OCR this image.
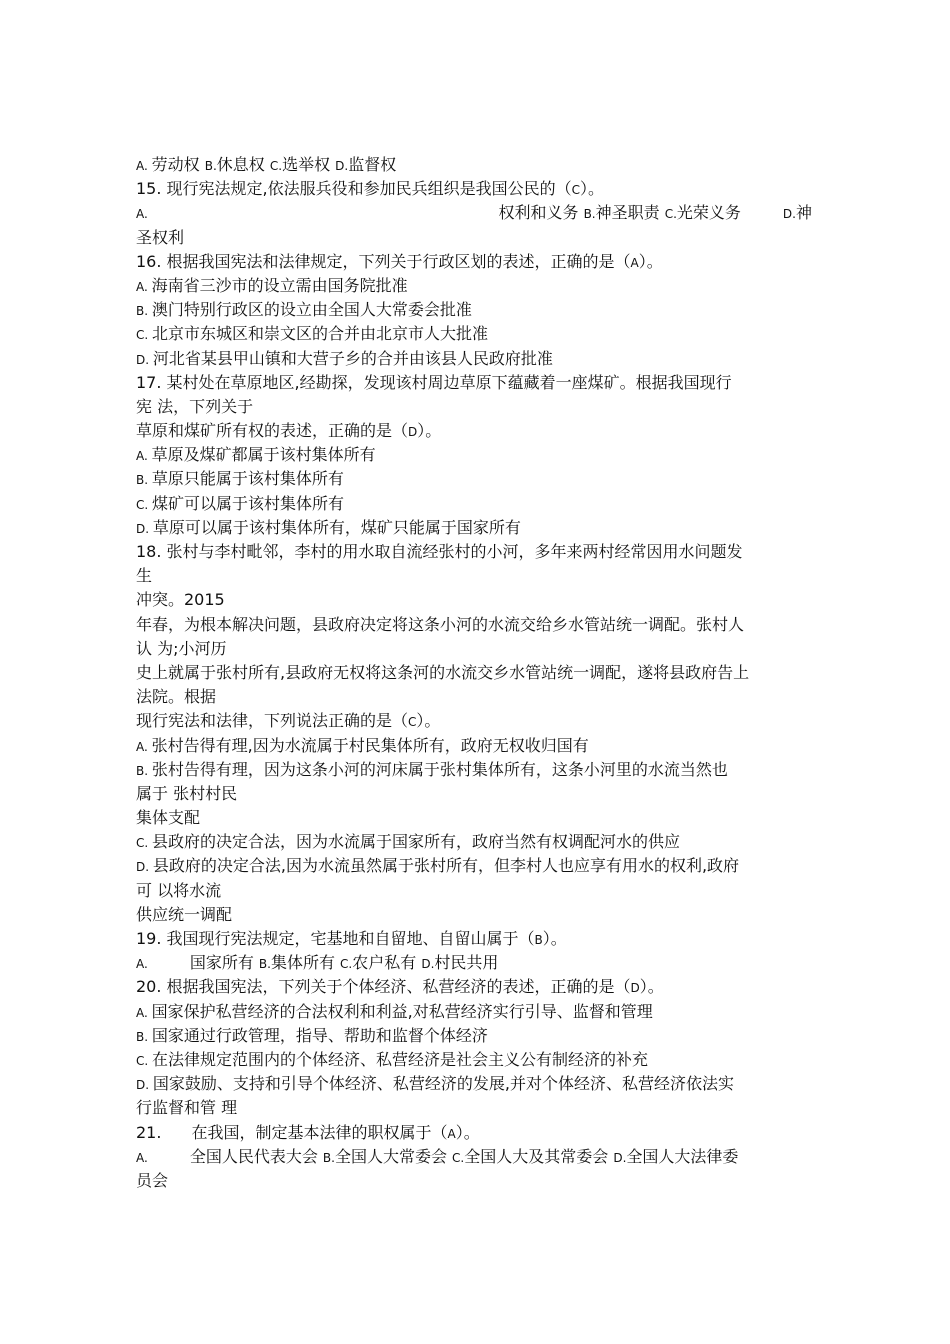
A. 劳动权 B.休息权 C.选举权 D.监督权
15. 现行宪法规定,依法服兵役和参加民兵组织是我国公民的（C）。
A.	权利和义务 B.神圣职责 C.光荣义务	D.神
圣权利
16. 根据我国宪法和法律规定，下列关于行政区划的表述，正确的是（A）。
A. 海南省三沙市的设立需由国务院批准
B. 澳门特别行政区的设立由全国人大常委会批准
C. 北京市东城区和崇文区的合并由北京市人大批准
D. 河北省某县甲山镇和大营子乡的合并由该县人民政府批准
17. 某村处在草原地区,经勘探，发现该村周边草原下蕴藏着一座煤矿。根据我国现行
宪 法，下列关于
草原和煤矿所有权的表述，正确的是（D）。
A. 草原及煤矿都属于该村集体所有
B. 草原只能属于该村集体所有
C. 煤矿可以属于该村集体所有
D. 草原可以属于该村集体所有，煤矿只能属于国家所有
18. 张村与李村毗邻，李村的用水取自流经张村的小河，多年来两村经常因用水问题发
生
冲突。2015
年春，为根本解决问题，县政府决定将这条小河的水流交给乡水管站统一调配。张村人
认 为;小河历
史上就属于张村所有,县政府无权将这条河的水流交乡水管站统一调配，遂将县政府告上
法院。根据
现行宪法和法律，下列说法正确的是（C）。
A. 张村告得有理,因为水流属于村民集体所有，政府无权收归国有
B. 张村告得有理，因为这条小河的河床属于张村集体所有，这条小河里的水流当然也
属于 张村村民
集体支配
C. 县政府的决定合法，因为水流属于国家所有，政府当然有权调配河水的供应
D. 县政府的决定合法,因为水流虽然属于张村所有，但李村人也应享有用水的权利,政府
可 以将水流
供应统一调配
19. 我国现行宪法规定，宅基地和自留地、自留山属于（B）。
A.	国家所有 B.集体所有 C.农户私有 D.村民共用
20. 根据我国宪法，下列关于个体经济、私营经济的表述，正确的是（D）。
A. 国家保护私营经济的合法权利和利益,对私营经济实行引导、监督和管理
B. 国家通过行政管理，指导、帮助和监督个体经济
C. 在法律规定范围内的个体经济、私营经济是社会主义公有制经济的补充
D. 国家鼓励、支持和引导个体经济、私营经济的发展,并对个体经济、私营经济依法实
行监督和管 理
21. 在我国，制定基本法律的职权属于（A）。
A.	全国人民代表大会 B.全国人大常委会 C.全国人大及其常委会 D.全国人大法律委
员会
